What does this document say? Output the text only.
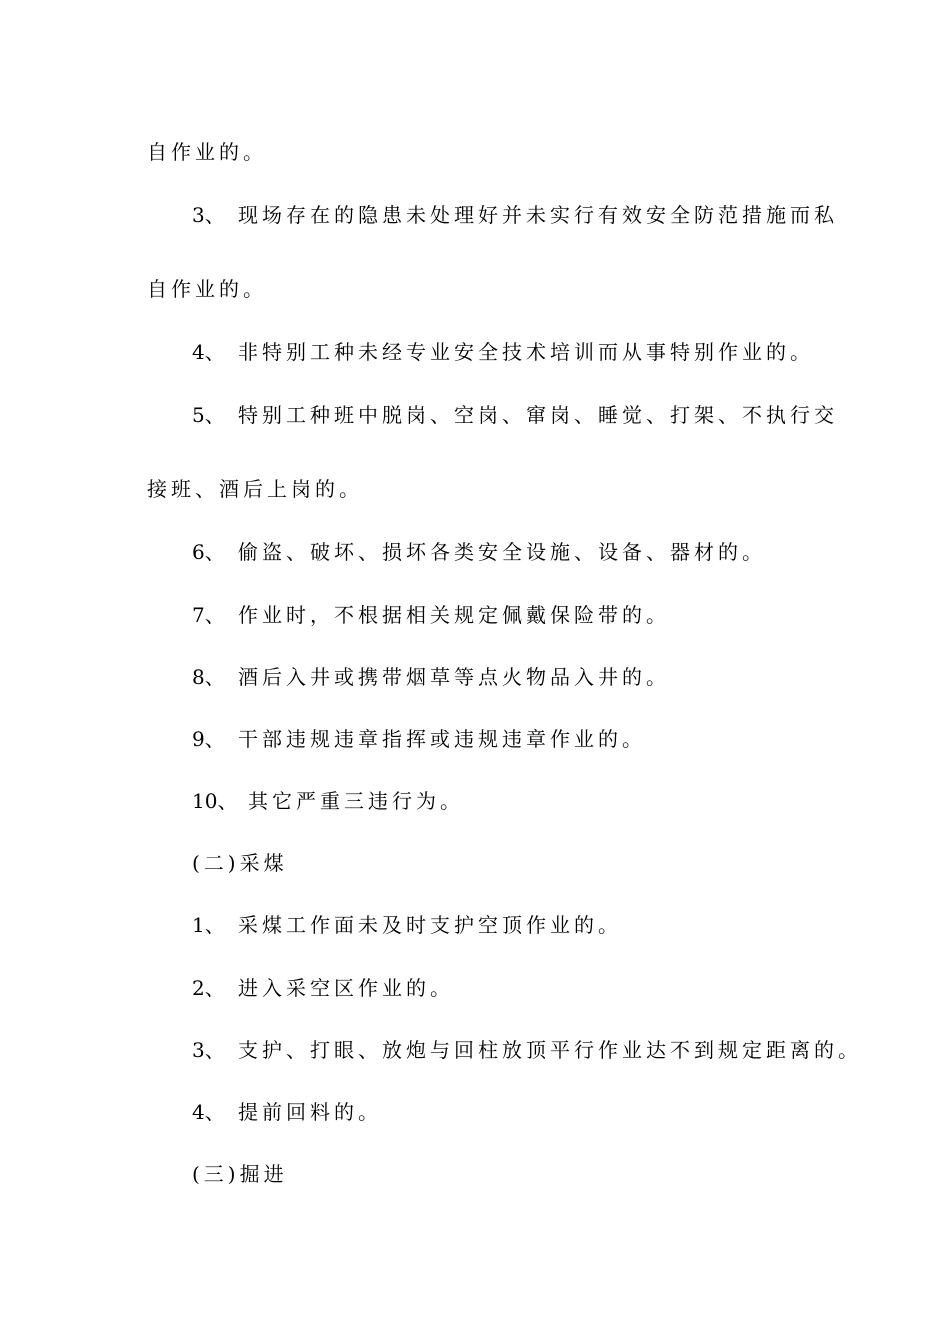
自作业的。
3、 现场存在的隐患未处理好并未实行有效安全防范措施而私
自作业的。
4、 非特别工种未经专业安全技术培训而从事特别作业的。
5、 特别工种班中脱岗、空岗、窜岗、睡觉、打架、不执行交
接班、酒后上岗的。
6、 偷盗、破坏、损坏各类安全设施、设备、器材的。
7、 作业时，不根据相关规定佩戴保险带的。
8、 酒后入井或携带烟草等点火物品入井的。
9、 干部违规违章指挥或违规违章作业的。
10、 其它严重三违行为。
(二)采煤
1、 采煤工作面未及时支护空顶作业的。
2、 进入采空区作业的。
3、 支护、打眼、放炮与回柱放顶平行作业达不到规定距离的。
4、 提前回料的。
(三)掘进
